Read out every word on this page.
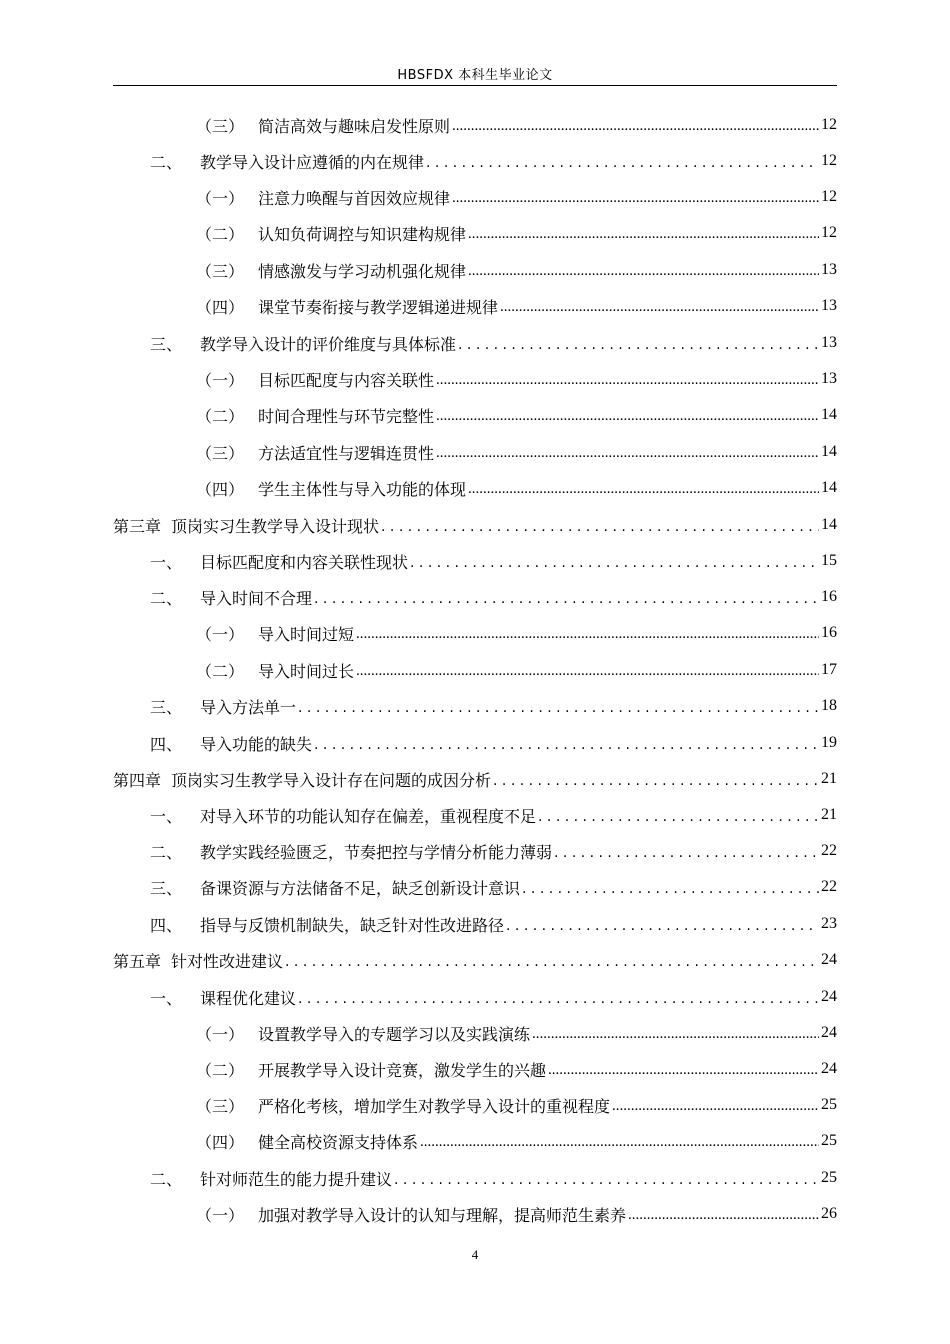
HBSFDX 本科生毕业论文
（三） 简洁高效与趣味启发性原则 .....	12
二、	教学导入设计应遵循的内在规律 . . .	12
（一） 注意力唤醒与首因效应规律 .....	12
（二） 认知负荷调控与知识建构规律 .....	12
（三） 情感激发与学习动机强化规律 .....	13
（四） 课堂节奏衔接与教学逻辑递进规律 .....	13
三、	教学导入设计的评价维度与具体标准 . . .	13
（一） 目标匹配度与内容关联性 .....	13
（二） 时间合理性与环节完整性 .....	14
（三） 方法适宜性与逻辑连贯性 .....	14
（四） 学生主体性与导入功能的体现 .....	14
第三章 顶岗实习生教学导入设计现状 . . .	14
一、	目标匹配度和内容关联性现状 . . .	15
二、	导入时间不合理 . . .	16
（一） 导入时间过短 .....	16
（二） 导入时间过长 .....	17
三、	导入方法单一 . . .	18
四、	导入功能的缺失 . . .	19
第四章 顶岗实习生教学导入设计存在问题的成因分析 . . .	21
一、	对导入环节的功能认知存在偏差，重视程度不足 . . .	21
二、	教学实践经验匮乏，节奏把控与学情分析能力薄弱 . . .	22
三、	备课资源与方法储备不足，缺乏创新设计意识 . . .	22
四、	指导与反馈机制缺失，缺乏针对性改进路径 . . .	23
第五章 针对性改进建议 . . .	24
一、	课程优化建议 . . .	24
（一） 设置教学导入的专题学习以及实践演练 .....	24
（二） 开展教学导入设计竞赛，激发学生的兴趣 .....	24
（三） 严格化考核，增加学生对教学导入设计的重视程度 .....	25
（四） 健全高校资源支持体系 .....	25
二、	针对师范生的能力提升建议 . . .	25
（一） 加强对教学导入设计的认知与理解，提高师范生素养 .....	26
4
